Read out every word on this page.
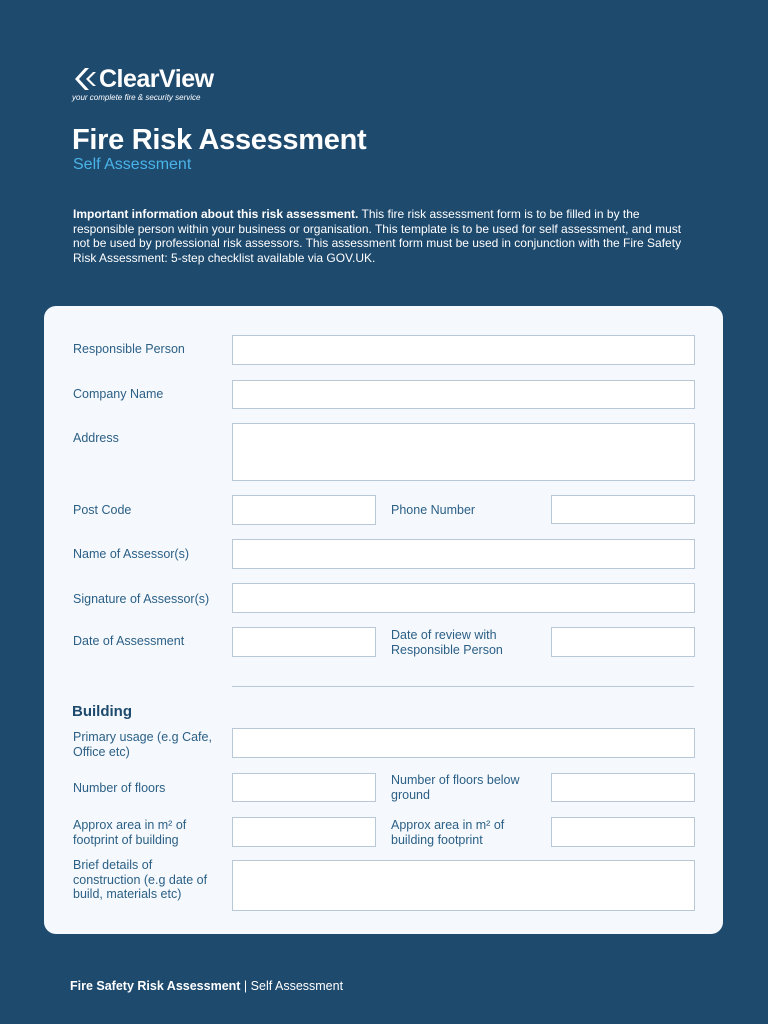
ClearView
your complete fire & security service
Fire Risk Assessment
Self Assessment
Important information about this risk assessment. This fire risk assessment form is to be filled in by the responsible person within your business or organisation. This template is to be used for self assessment, and must not be used by professional risk assessors. This assessment form must be used in conjunction with the Fire Safety Risk Assessment: 5-step checklist available via GOV.UK.
Responsible Person
Company Name
Address
Post Code	Phone Number
Name of Assessor(s)
Signature of Assessor(s)
Date of Assessment	Date of review with Responsible Person
Building
Primary usage (e.g Cafe, Office etc)
Number of floors
Number of floors below ground
Approx area in m² of footprint of building
Approx area in m² of building footprint
Brief details of construction (e.g date of build, materials etc)
Fire Safety Risk Assessment | Self Assessment
